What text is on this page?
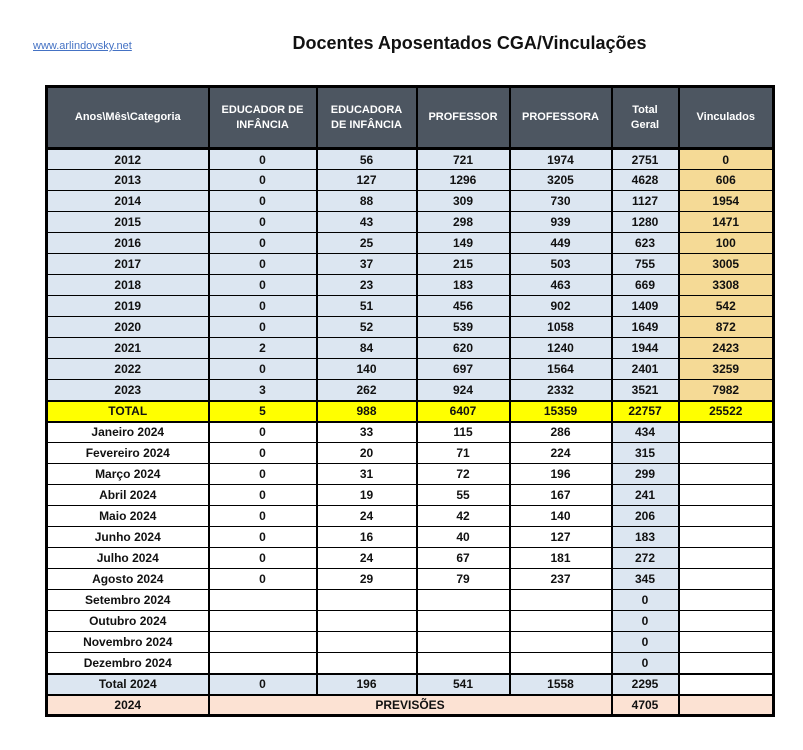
www.arlindovsky.net	Docentes Aposentados CGA/Vinculações
Anos\Mês\Categoria	EDUCADOR DE INFÂNCIA	EDUCADORA DE INFÂNCIA	PROFESSOR	PROFESSORA	Total Geral	Vinculados
2012	0	56	721	1974	2751	0
2013	0	127	1296	3205	4628	606
2014	0	88	309	730	1127	1954
2015	0	43	298	939	1280	1471
2016	0	25	149	449	623	100
2017	0	37	215	503	755	3005
2018	0	23	183	463	669	3308
2019	0	51	456	902	1409	542
2020	0	52	539	1058	1649	872
2021	2	84	620	1240	1944	2423
2022	0	140	697	1564	2401	3259
2023	3	262	924	2332	3521	7982
TOTAL	5	988	6407	15359	22757	25522
Janeiro 2024	0	33	115	286	434	
Fevereiro 2024	0	20	71	224	315	
Março 2024	0	31	72	196	299	
Abril 2024	0	19	55	167	241	
Maio 2024	0	24	42	140	206	
Junho 2024	0	16	40	127	183	
Julho 2024	0	24	67	181	272	
Agosto 2024	0	29	79	237	345	
Setembro 2024					0	
Outubro 2024					0	
Novembro 2024					0	
Dezembro 2024					0	
Total 2024	0	196	541	1558	2295	
2024	PREVISÕES				4705	
